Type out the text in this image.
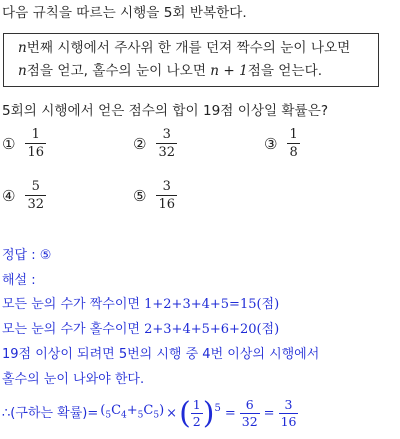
다음 규칙을 따르는 시행을 5회 반복한다.
n번째 시행에서 주사위 한 개를 던져 짝수의 눈이 나오면
n점을 얻고, 홀수의 눈이 나오면 n + 1점을 얻는다.
5회의 시행에서 얻은 점수의 합이 19점 이상일 확률은?
① $\frac{1}{16}$	② $\frac{3}{32}$	③ $\frac{1}{8}$
④ $\frac{5}{32}$	⑤ $\frac{3}{16}$
정답 : ⑤
해설 :
모든 눈의 수가 짝수이면 1+2+3+4+5=15(점)
모는 눈의 수가 홀수이면 2+3+4+5+6+20(점)
19점 이상이 되려면 5번의 시행 중 4번 이상의 시행에서
홀수의 눈이 나와야 한다.
∴ (구하는 확률) = $(_5C_4+_5C_5)$ × ( 1
2 )$^5 = \frac{6}{32} = \frac{3}{16}$
